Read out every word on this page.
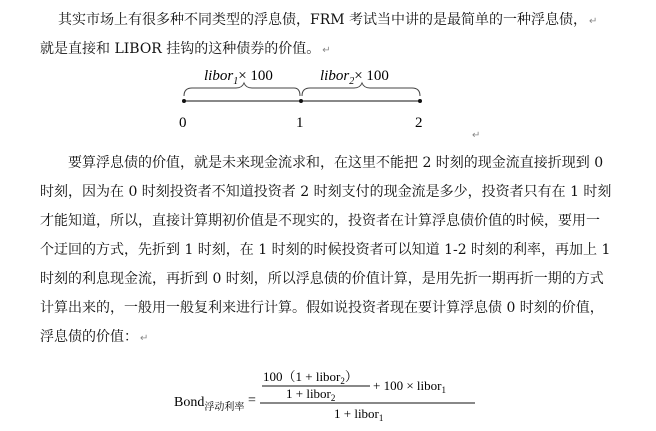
其实市场上有很多种不同类型的浮息债，FRM 考试当中讲的是最简单的一种浮息债， ↵
就是直接和 LIBOR 挂钩的这种债券的价值。 ↵
libor$_1$× 100	libor$_2$× 100
0	1	2
↵
要算浮息债的价值，就是未来现金流求和，在这里不能把 2 时刻的现金流直接折现到 0
时刻，因为在 0 时刻投资者不知道投资者 2 时刻支付的现金流是多少，投资者只有在 1 时刻
才能知道，所以，直接计算期初价值是不现实的，投资者在计算浮息债价值的时候，要用一
个迂回的方式，先折到 1 时刻，在 1 时刻的时候投资者可以知道 1-2 时刻的利率，再加上 1
时刻的利息现金流，再折到 0 时刻，所以浮息债的价值计算，是用先折一期再折一期的方式
计算出来的，一般用一般复利来进行计算。假如说投资者现在要计算浮息债 0 时刻的价值，
浮息债的价值： ↵
Bond$_{浮动利率}$ =
100（1 + libor$_2$）
1 + libor$_2$
+ 100 × libor$_1$
1 + libor$_1$
